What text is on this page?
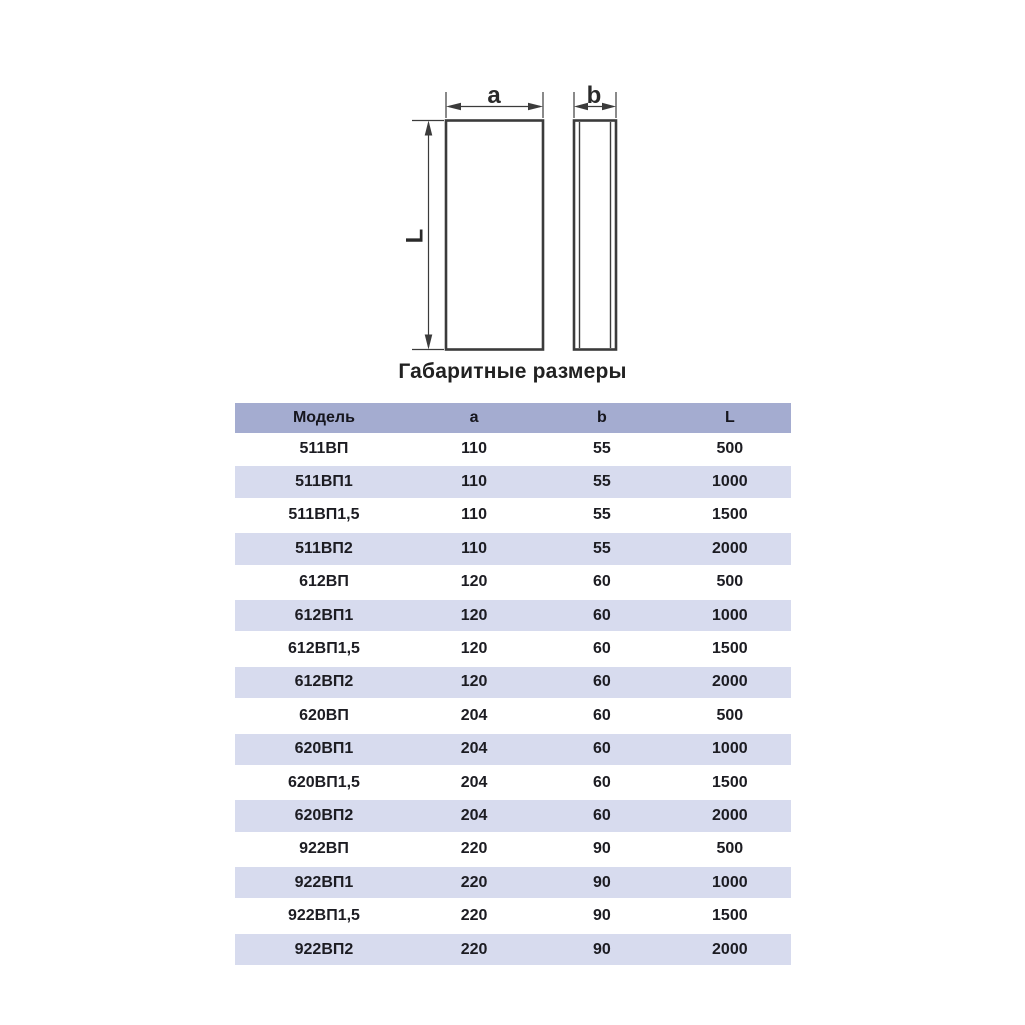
a	b
L
Габаритные размеры
Модель	a	b	L
511ВП	110	55	500
511ВП1	110	55	1000
511ВП1,5	110	55	1500
511ВП2	110	55	2000
612ВП	120	60	500
612ВП1	120	60	1000
612ВП1,5	120	60	1500
612ВП2	120	60	2000
620ВП	204	60	500
620ВП1	204	60	1000
620ВП1,5	204	60	1500
620ВП2	204	60	2000
922ВП	220	90	500
922ВП1	220	90	1000
922ВП1,5	220	90	1500
922ВП2	220	90	2000
